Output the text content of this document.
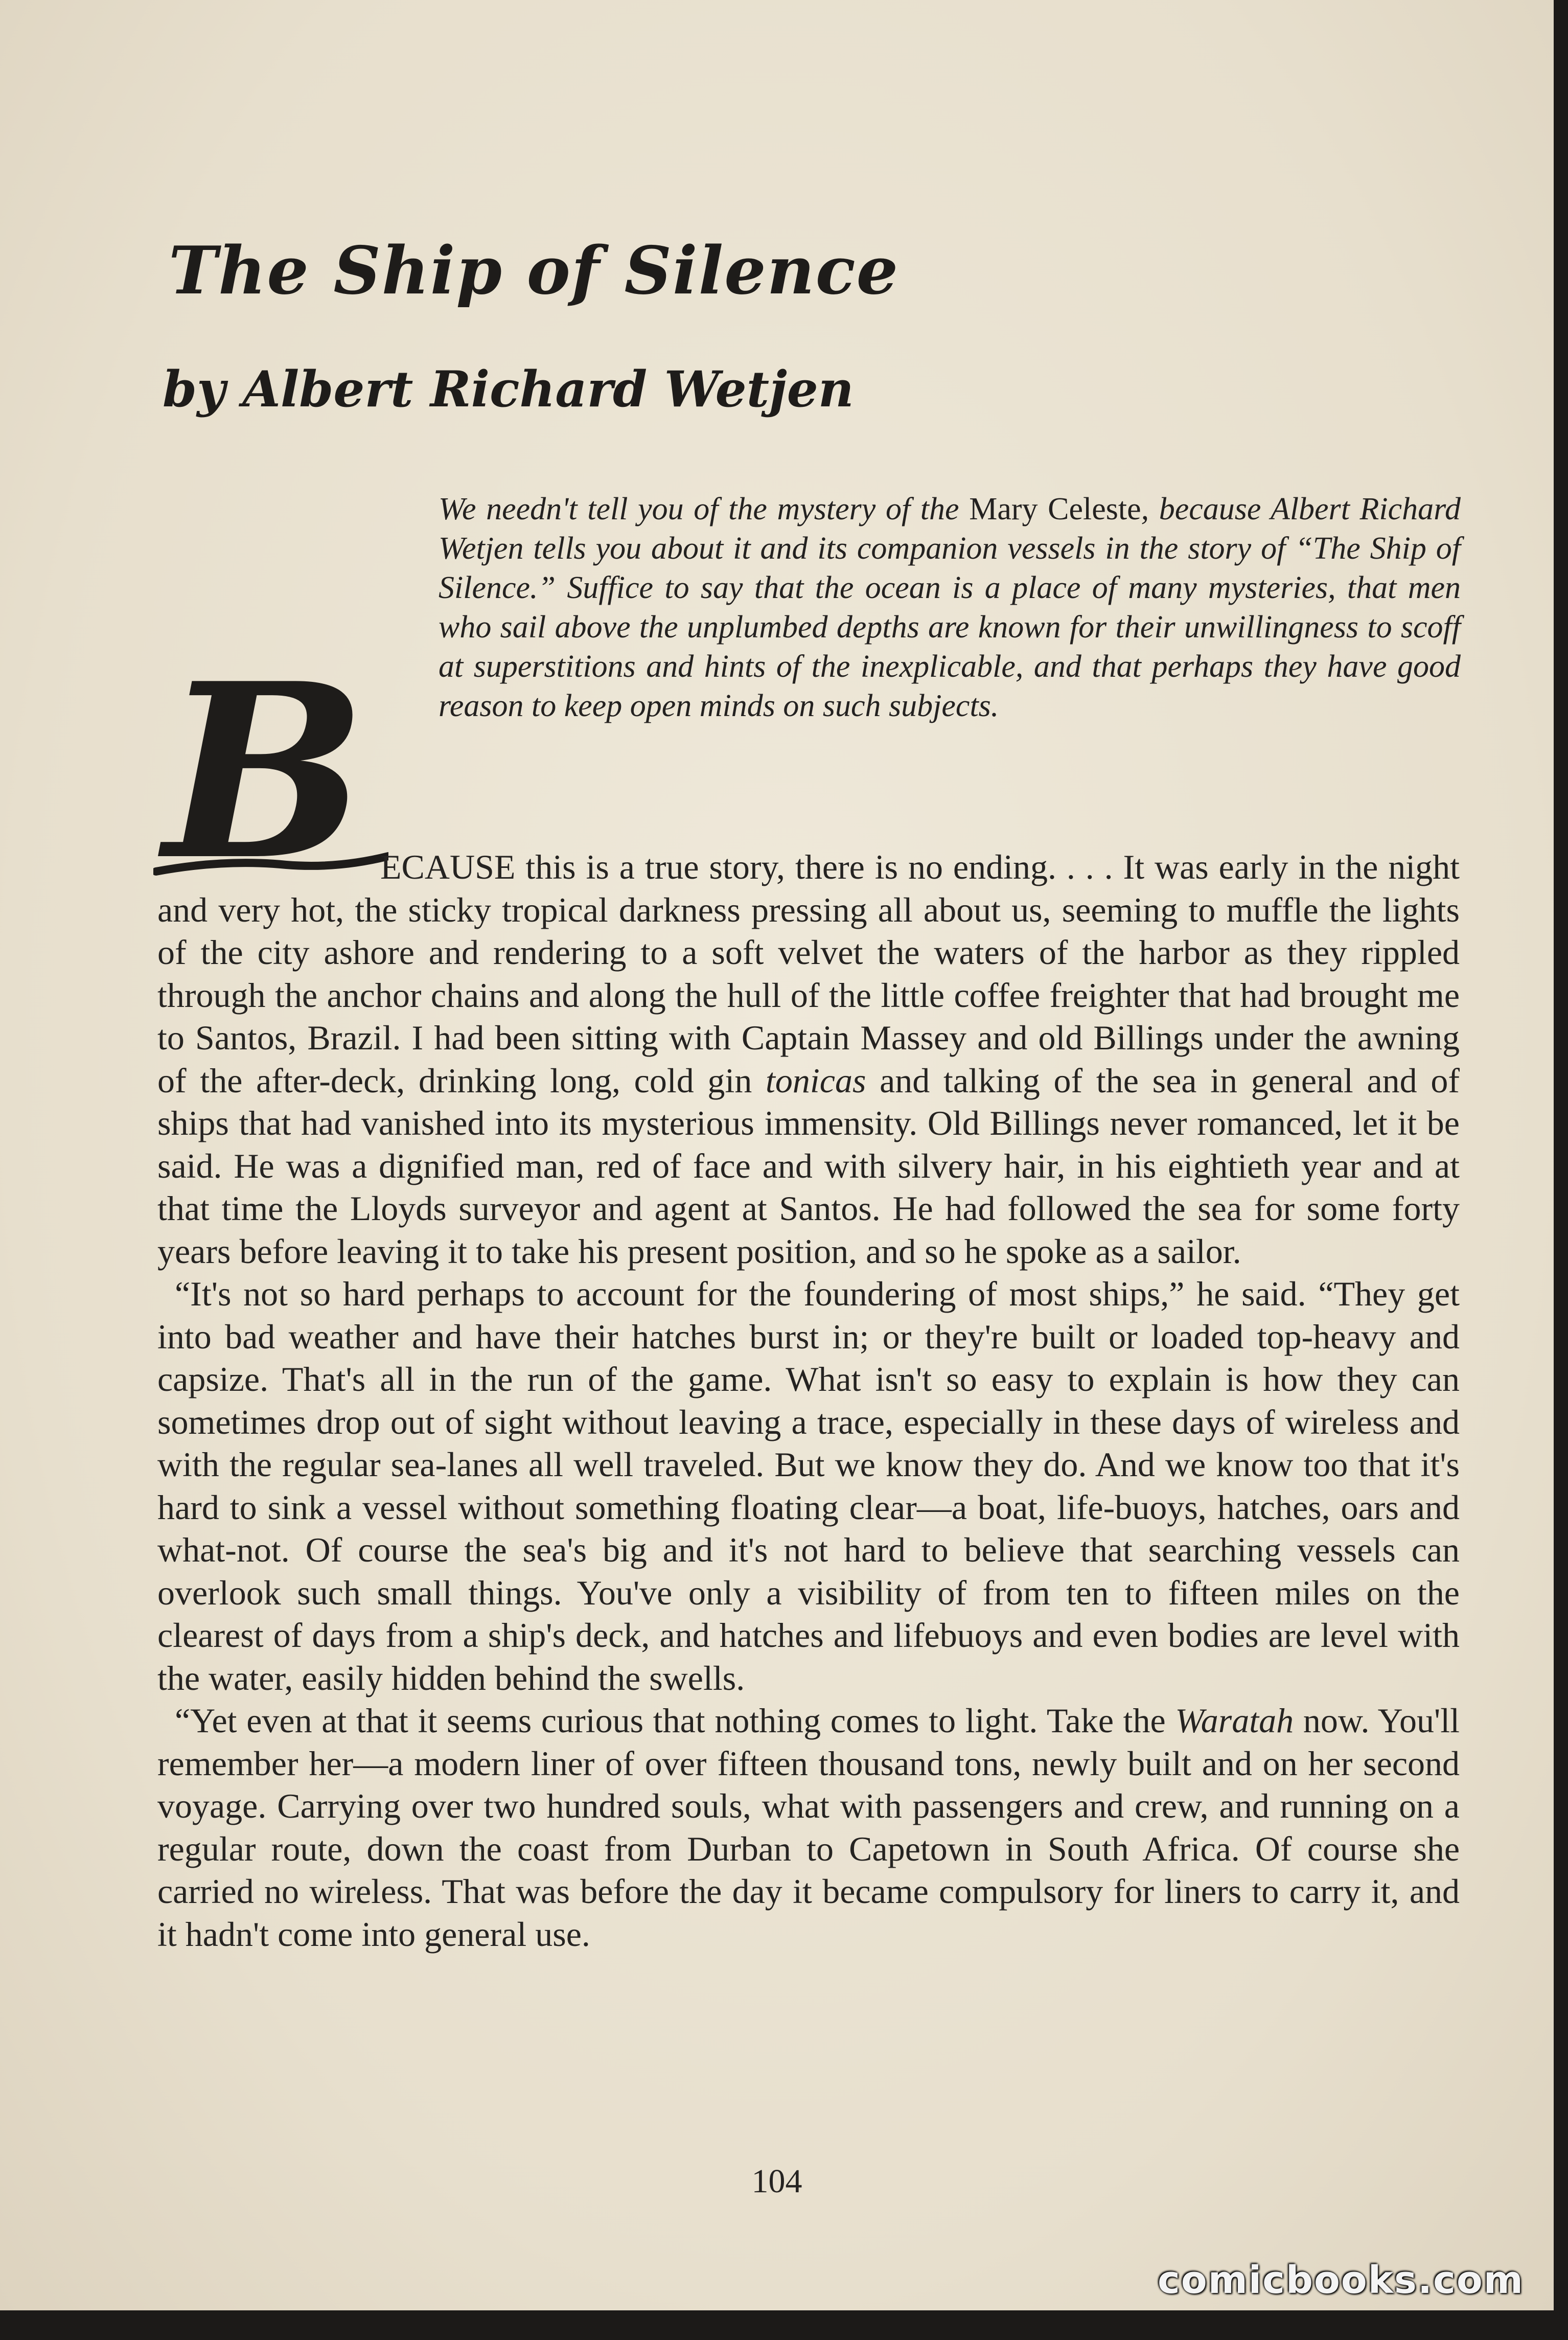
The Ship of Silence
by Albert Richard Wetjen

We needn't tell you of the mystery of the Mary Celeste, because Albert Richard Wetjen tells you about it and its companion vessels in the story of “The Ship of Silence.” Suffice to say that the ocean is a place of many mysteries, that men who sail above the unplumbed depths are known for their unwillingness to scoff at superstitions and hints of the inexplicable, and that perhaps they have good reason to keep open minds on such subjects.

B ECAUSE this is a true story, there is no ending. . . . It was early in the night and very hot, the sticky tropical darkness pressing all about us, seeming to muffle the lights of the city ashore and rendering to a soft velvet the waters of the harbor as they rippled through the anchor chains and along the hull of the little coffee freighter that had brought me to Santos, Brazil. I had been sitting with Captain Massey and old Billings under the awning of the after-deck, drinking long, cold gin tonicas and talking of the sea in general and of ships that had vanished into its mysterious immensity. Old Billings never romanced, let it be said. He was a dignified man, red of face and with silvery hair, in his eightieth year and at that time the Lloyds surveyor and agent at Santos. He had followed the sea for some forty years before leaving it to take his present position, and so he spoke as a sailor.

“It's not so hard perhaps to account for the foundering of most ships,” he said. “They get into bad weather and have their hatches burst in; or they're built or loaded top-heavy and capsize. That's all in the run of the game. What isn't so easy to explain is how they can sometimes drop out of sight without leaving a trace, especially in these days of wireless and with the regular sea-lanes all well traveled. But we know they do. And we know too that it's hard to sink a vessel without something floating clear—a boat, life-buoys, hatches, oars and what-not. Of course the sea's big and it's not hard to believe that searching vessels can overlook such small things. You've only a visibility of from ten to fifteen miles on the clearest of days from a ship's deck, and hatches and lifebuoys and even bodies are level with the water, easily hidden behind the swells.

“Yet even at that it seems curious that nothing comes to light. Take the Waratah now. You'll remember her—a modern liner of over fifteen thousand tons, newly built and on her second voyage. Carrying over two hundred souls, what with passengers and crew, and running on a regular route, down the coast from Durban to Capetown in South Africa. Of course she carried no wireless. That was before the day it became compulsory for liners to carry it, and it hadn't come into general use.

104
comicbooks.com
